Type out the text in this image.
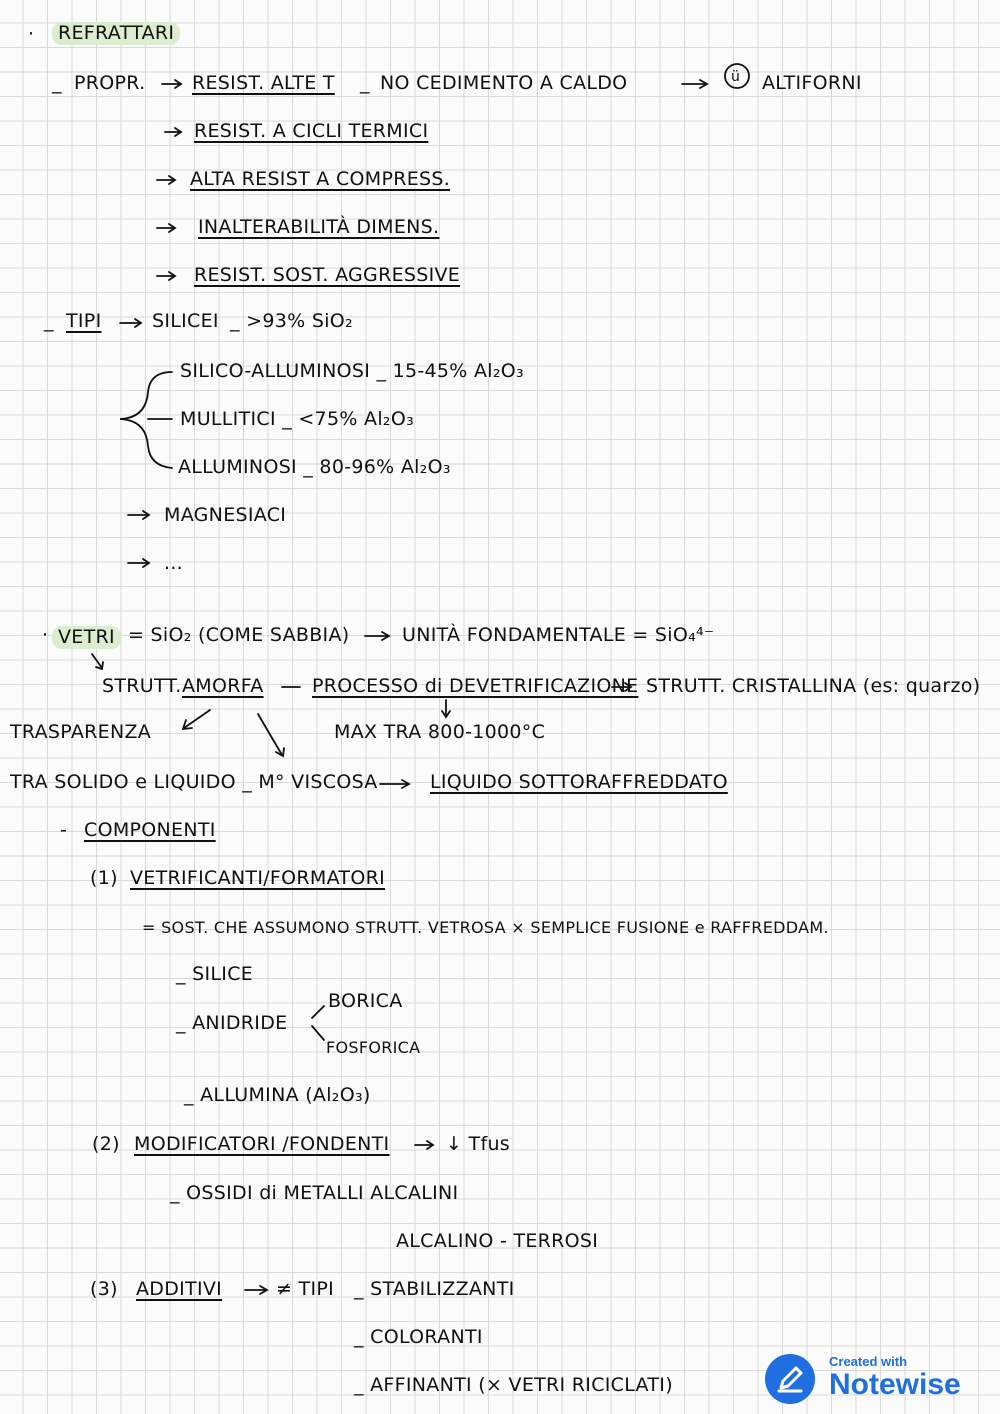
ü
·
·
REFRATTARI
_ PROPR. RESIST. ALTE T _ NO CEDIMENTO A CALDO	ALTIFORNI
RESIST. A CICLI TERMICI
ALTA RESIST A COMPRESS.
INALTERABILITÀ DIMENS.
RESIST. SOST. AGGRESSIVE
_ TIPI	SILICEI _ >93% SiO₂
SILICO-ALLUMINOSI _ 15-45% Al₂O₃
MULLITICI _ <75% Al₂O₃
ALLUMINOSI _ 80-96% Al₂O₃
MAGNESIACI
...
VETRI = SiO₂ (COME SABBIA)	UNITÀ FONDAMENTALE = SiO₄⁴⁻
STRUTT. AMORFA	PROCESSO di DEVETRIFICAZIONE STRUTT. CRISTALLINA (es: quarzo)
TRASPARENZA	MAX TRA 800-1000°C
TRA SOLIDO e LIQUIDO _ M° VISCOSA	LIQUIDO SOTTORAFFREDDATO
- COMPONENTI
(1) VETRIFICANTI/FORMATORI
= SOST. CHE ASSUMONO STRUTT. VETROSA × SEMPLICE FUSIONE e RAFFREDDAM.
_ SILICE
_ ANIDRIDE
BORICA
FOSFORICA
_ ALLUMINA (Al₂O₃)
(2) MODIFICATORI /FONDENTI	↓ Tfus
_ OSSIDI di METALLI ALCALINI
ALCALINO - TERROSI
(3) ADDITIVI	≠ TIPI _ STABILIZZANTI
_ COLORANTI
_ AFFINANTI (× VETRI RICICLATI)
Created with
Notewise
